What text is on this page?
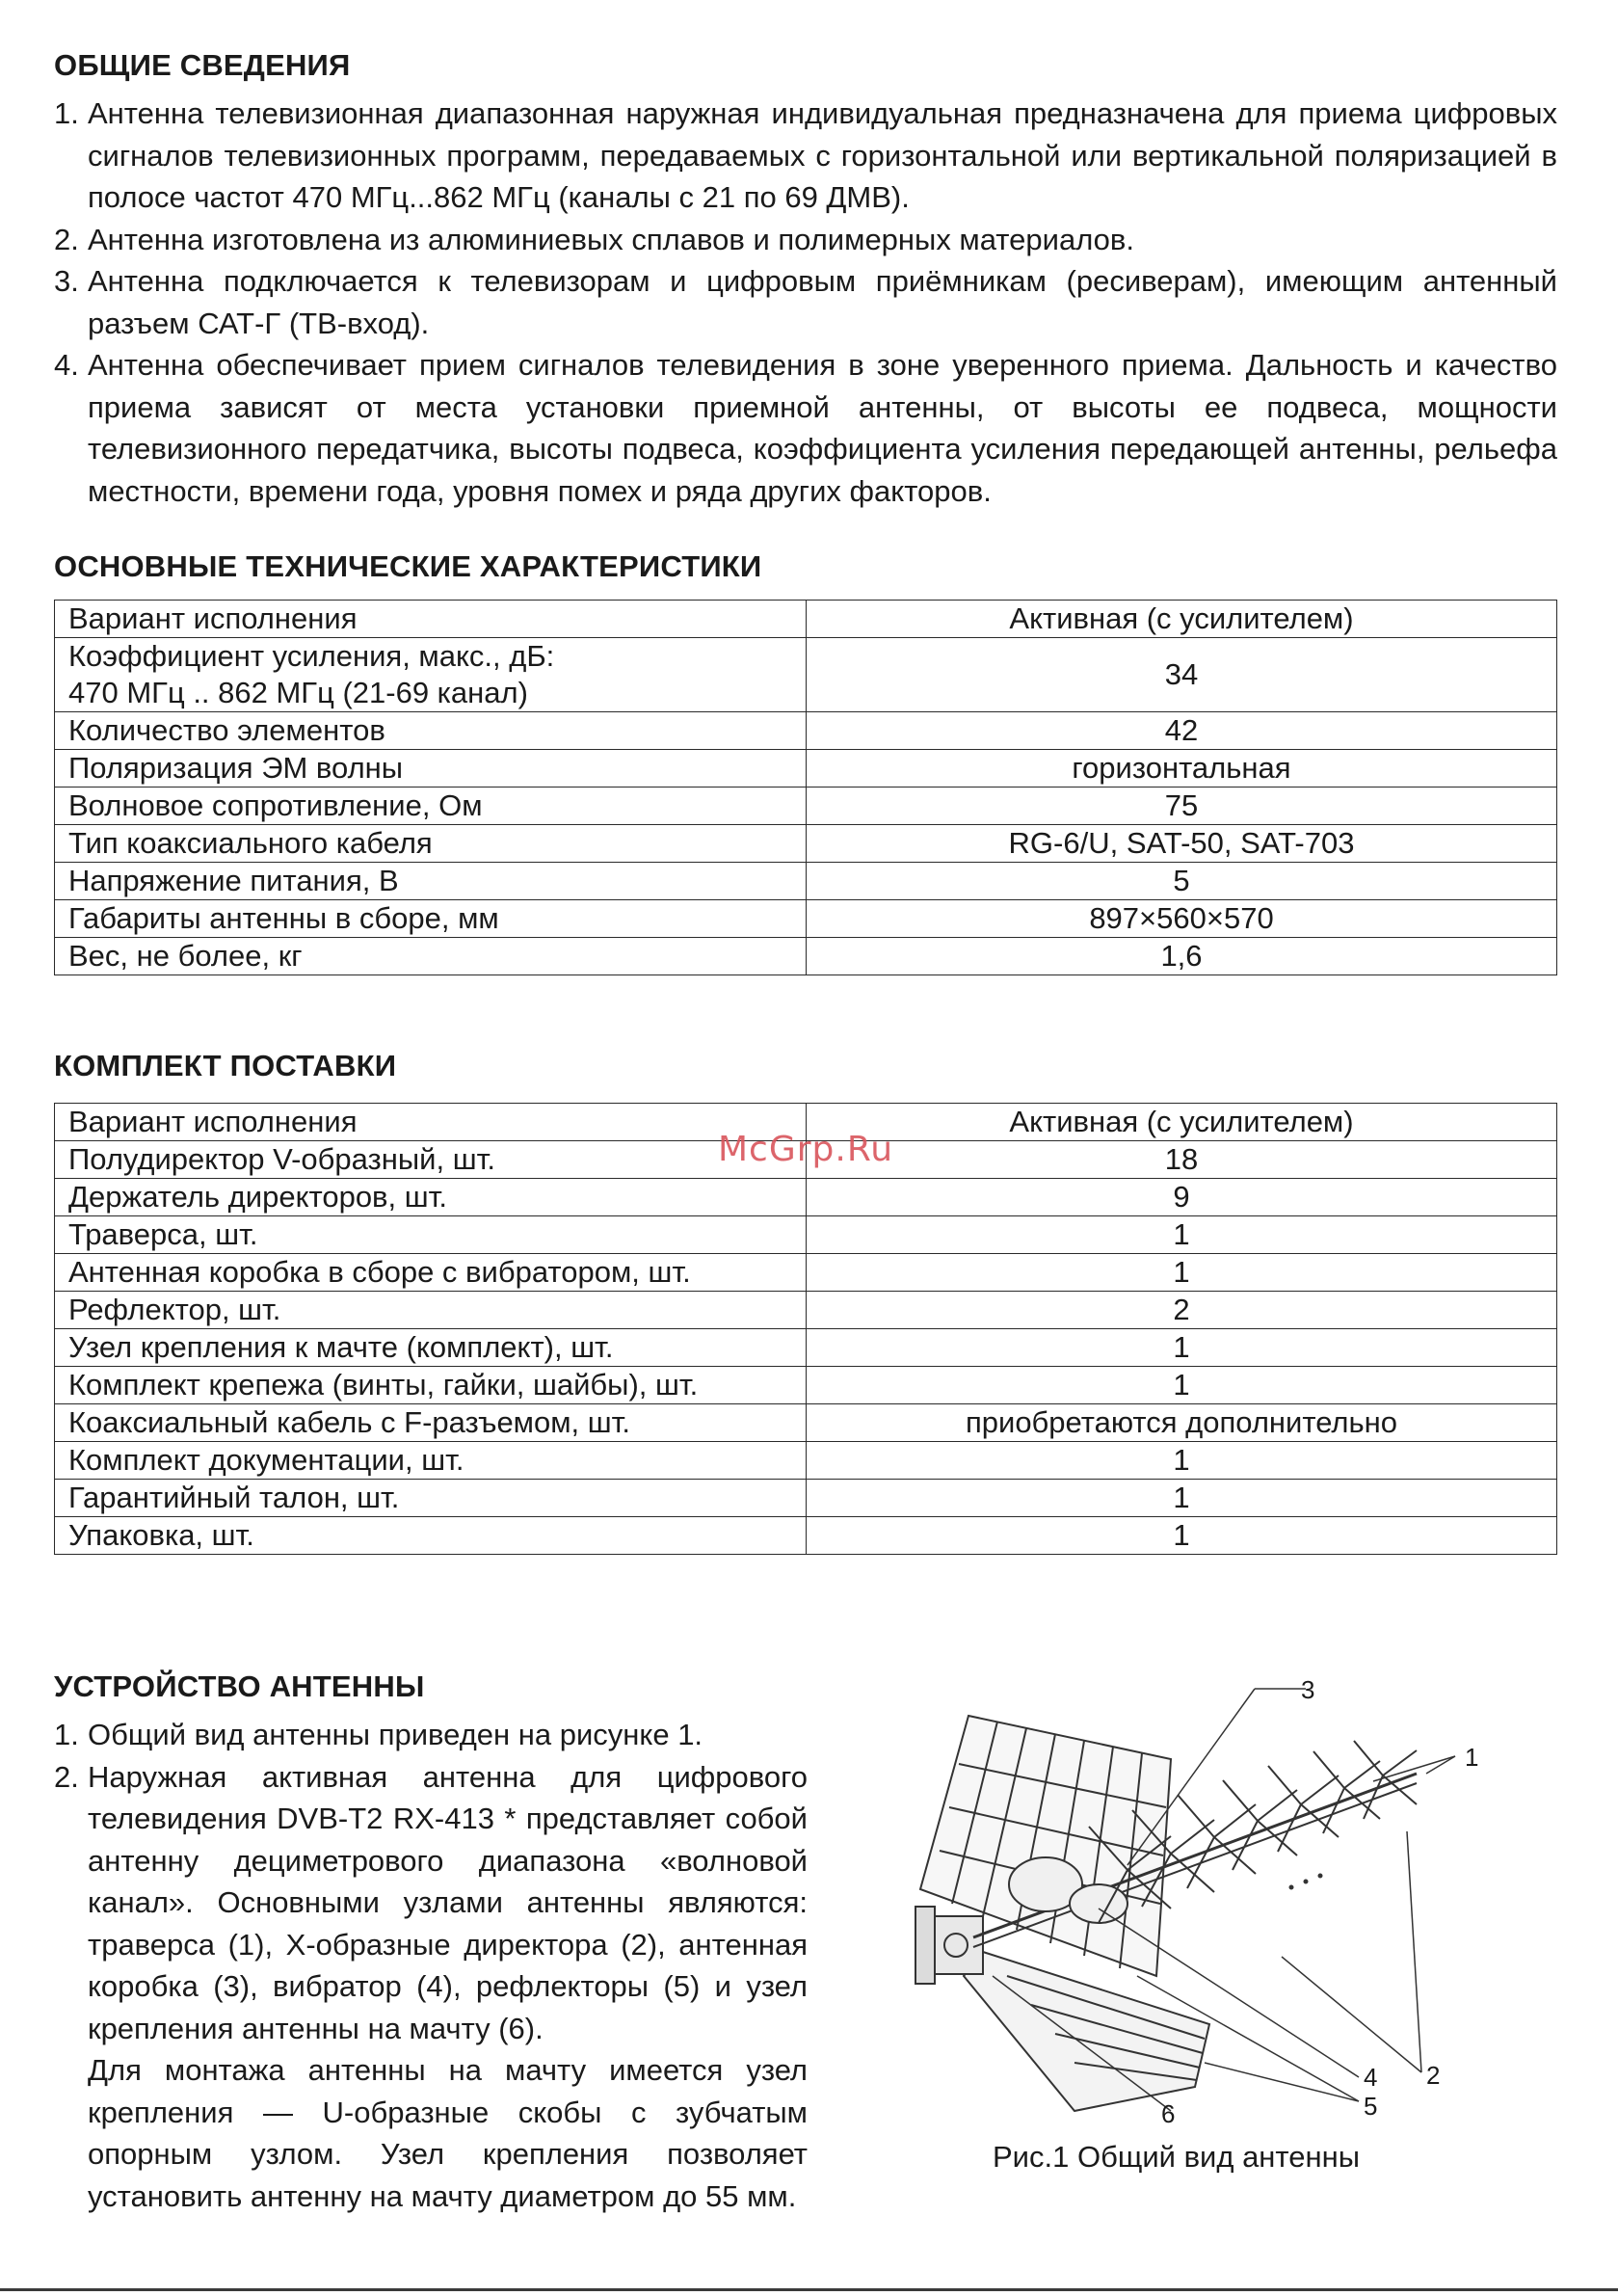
ОБЩИЕ СВЕДЕНИЯ
1. Антенна телевизионная диапазонная наружная индивидуальная предназначена для приема цифровых сигналов телевизионных программ, передаваемых с горизонтальной или вертикальной поляризацией в полосе частот 470 МГц...862 МГц (каналы с 21 по 69 ДМВ).
2. Антенна изготовлена из алюминиевых сплавов и полимерных материалов.
3. Антенна подключается к телевизорам и цифровым приёмникам (ресиверам), имеющим антенный разъем САТ-Г (ТВ-вход).
4. Антенна обеспечивает прием сигналов телевидения в зоне уверенного приема. Дальность и качество приема зависят от места установки приемной антенны, от высоты ее подвеса, мощности телевизионного передатчика, высоты подвеса, коэффициента усиления передающей антенны, рельефа местности, времени года, уровня помех и ряда других факторов.
ОСНОВНЫЕ ТЕХНИЧЕСКИЕ ХАРАКТЕРИСТИКИ
Вариант исполнения	Активная (с усилителем)

Коэффициент усиления, макс., дБ:
470 МГц .. 862 МГц (21-69 канал)	34
Количество элементов	42
Поляризация ЭМ волны	горизонтальная
Волновое сопротивление, Ом	75
Тип коаксиального кабеля	RG-6/U, SAT-50, SAT-703
Напряжение питания, В	5
Габариты антенны в сборе, мм	897×560×570
Вес, не более, кг	1,6
КОМПЛЕКТ ПОСТАВКИ
Вариант исполнения	Активная (с усилителем)
Полудиректор V-образный, шт.	18
Держатель директоров, шт.	9
Траверса, шт.	1
Антенная коробка в сборе с вибратором, шт.	1
Рефлектор, шт.	2
Узел крепления к мачте (комплект), шт.	1
Комплект крепежа (винты, гайки, шайбы), шт.	1
Коаксиальный кабель с F-разъемом, шт.	приобретаются дополнительно
Комплект документации, шт.	1
Гарантийный талон, шт.	1
Упаковка, шт.	1
УСТРОЙСТВО АНТЕННЫ
1. Общий вид антенны приведен на рисунке 1.
2. Наружная активная антенна для цифрового телевидения DVB-T2 RX-413 * представляет собой антенну дециметрового диапазона «волновой канал». Основными узлами антенны являются: траверса (1), Х-образные директора (2), антенная коробка (3), вибратор (4), рефлекторы (5) и узел крепления антенны на мачту (6).

Для монтажа антенны на мачту имеется узел крепления — U-образные скобы с зубчатым опорным узлом. Узел крепления позволяет установить антенну на мачту диаметром до 55 мм.

McGrp.Ru
3
1
2
4
5
6
Рис.1 Общий вид антенны
